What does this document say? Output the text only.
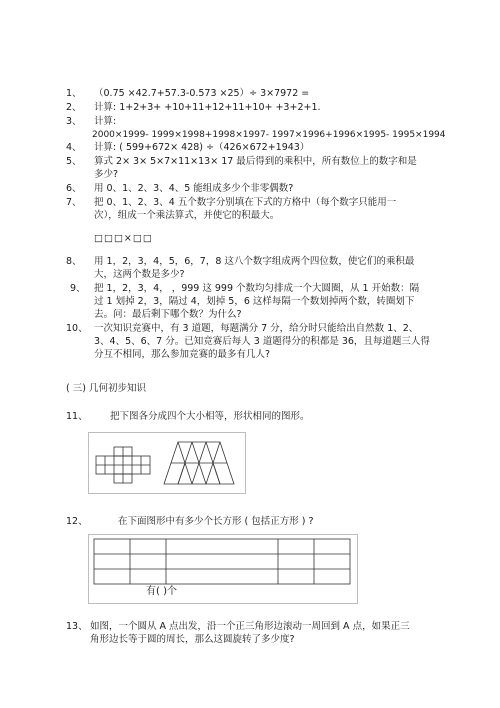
1、 （0.75 ×42.7+57.3-0.573 ×25）÷ 3×7972 =
2、 计算: 1+2+3+ +10+11+12+11+10+ +3+2+1.
3、 计算:
2000×1999- 1999×1998+1998×1997- 1997×1996+1996×1995- 1995×1994
4、 计算: ( 599+672× 428) ÷（426×672+1943）
5、 算式 2× 3× 5×7×11×13× 17 最后得到的乘积中，所有数位上的数字和是
多少?
6、 用 0、1、2、3、4、5 能组成多少个非零偶数?
7、 把 0、1、2、3、4 五个数字分别填在下式的方格中（每个数字只能用一
次），组成一个乘法算式，并使它的积最大。
□□□×□□
8、 用 1，2，3，4，5，6，7，8 这八个数字组成两个四位数，使它们的乘积最
大，这两个数是多少?
9、 把 1，2，3，4， ，999 这 999 个数均匀排成一个大圆圈，从 1 开始数：隔
过 1 划掉 2，3，隔过 4，划掉 5，6 这样每隔一个数划掉两个数，转圈划下
去。问：最后剩下哪个数？为什么?
10、 一次知识竞赛中，有 3 道题，每题满分 7 分，给分时只能给出自然数 1、2、
3、4、5、6、7 分。已知竞赛后每人 3 道题得分的积都是 36，且每道题三人得
分互不相同，那么参加竞赛的最多有几人?
( 三) 几何初步知识
11、 把下图各分成四个大小相等，形状相同的图形。
12、	在下面图形中有多少个长方形 ( 包括正方形 ) ?
有( )个
13、 如图，一个圆从 A 点出发，沿一个正三角形边滚动一周回到 A 点，如果正三
角形边长等于圆的周长，那么这圆旋转了多少度?
